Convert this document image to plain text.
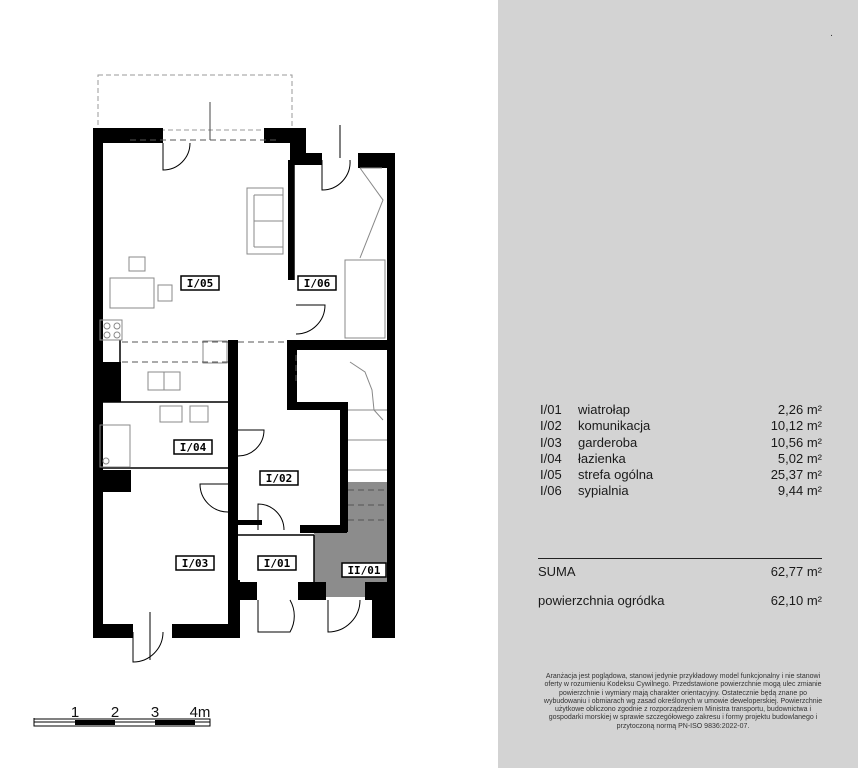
I/05	I/06
I/04
I/02
I/03	I/01
II/01
1 2 3 4m
٠
I/01	wiatrołap	2,26 m²
I/02	komunikacja	10,12 m²
I/03	garderoba	10,56 m²
I/04	łazienka	5,02 m²
I/05	strefa ogólna	25,37 m²
I/06	sypialnia	9,44 m²
SUMA	62,77 m²
powierzchnia ogródka	62,10 m²
Aranżacja jest poglądowa, stanowi jedynie przykładowy model funkcjonalny i nie stanowi oferty w rozumieniu Kodeksu Cywilnego. Przedstawione powierzchnie mogą ulec zmianie powierzchnie i wymiary mają charakter orientacyjny. Ostatecznie będą znane po wybudowaniu i obmiarach wg zasad określonych w umowie deweloperskiej. Powierzchnie użytkowe obliczono zgodnie z rozporządzeniem Ministra transportu, budownictwa i gospodarki morskiej w sprawie szczegółowego zakresu i formy projektu budowlanego i przytoczoną normą PN-ISO 9836:2022-07.
